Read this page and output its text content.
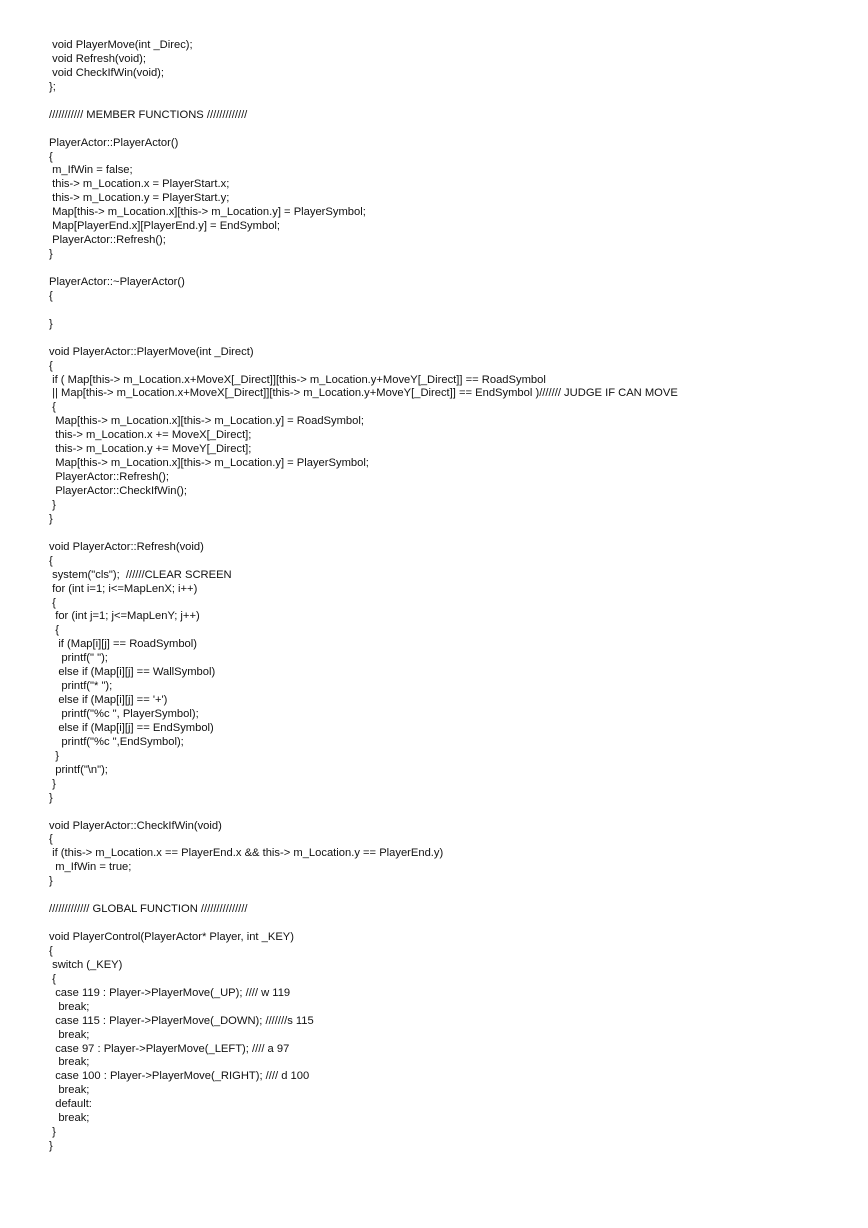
void PlayerMove(int _Direc);
void Refresh(void);
void CheckIfWin(void);
};
/////////// MEMBER FUNCTIONS /////////////
PlayerActor::PlayerActor()
{
m_IfWin = false;
this-> m_Location.x = PlayerStart.x;
this-> m_Location.y = PlayerStart.y;
Map[this-> m_Location.x][this-> m_Location.y] = PlayerSymbol;
Map[PlayerEnd.x][PlayerEnd.y] = EndSymbol;
PlayerActor::Refresh();
}
PlayerActor::~PlayerActor()
{
}
void PlayerActor::PlayerMove(int _Direct)
{
if ( Map[this-> m_Location.x+MoveX[_Direct]][this-> m_Location.y+MoveY[_Direct]] == RoadSymbol
|| Map[this-> m_Location.x+MoveX[_Direct]][this-> m_Location.y+MoveY[_Direct]] == EndSymbol )/////// JUDGE IF CAN MOVE
{
Map[this-> m_Location.x][this-> m_Location.y] = RoadSymbol;
this-> m_Location.x += MoveX[_Direct];
this-> m_Location.y += MoveY[_Direct];
Map[this-> m_Location.x][this-> m_Location.y] = PlayerSymbol;
PlayerActor::Refresh();
PlayerActor::CheckIfWin();
}
}
void PlayerActor::Refresh(void)
{
system("cls");  //////CLEAR SCREEN
for (int i=1; i<=MapLenX; i++)
{
for (int j=1; j<=MapLenY; j++)
{
if (Map[i][j] == RoadSymbol)
printf(" ");
else if (Map[i][j] == WallSymbol)
printf("* ");
else if (Map[i][j] == '+')
printf("%c ", PlayerSymbol);
else if (Map[i][j] == EndSymbol)
printf("%c ",EndSymbol);
}
printf("\n");
}
}
void PlayerActor::CheckIfWin(void)
{
if (this-> m_Location.x == PlayerEnd.x && this-> m_Location.y == PlayerEnd.y)
m_IfWin = true;
}
///////////// GLOBAL FUNCTION ///////////////
void PlayerControl(PlayerActor* Player, int _KEY)
{
switch (_KEY)
{
case 119 : Player->PlayerMove(_UP); //// w 119
break;
case 115 : Player->PlayerMove(_DOWN); ///////s 115
break;
case 97 : Player->PlayerMove(_LEFT); //// a 97
break;
case 100 : Player->PlayerMove(_RIGHT); //// d 100
break;
default:
break;
}
}
